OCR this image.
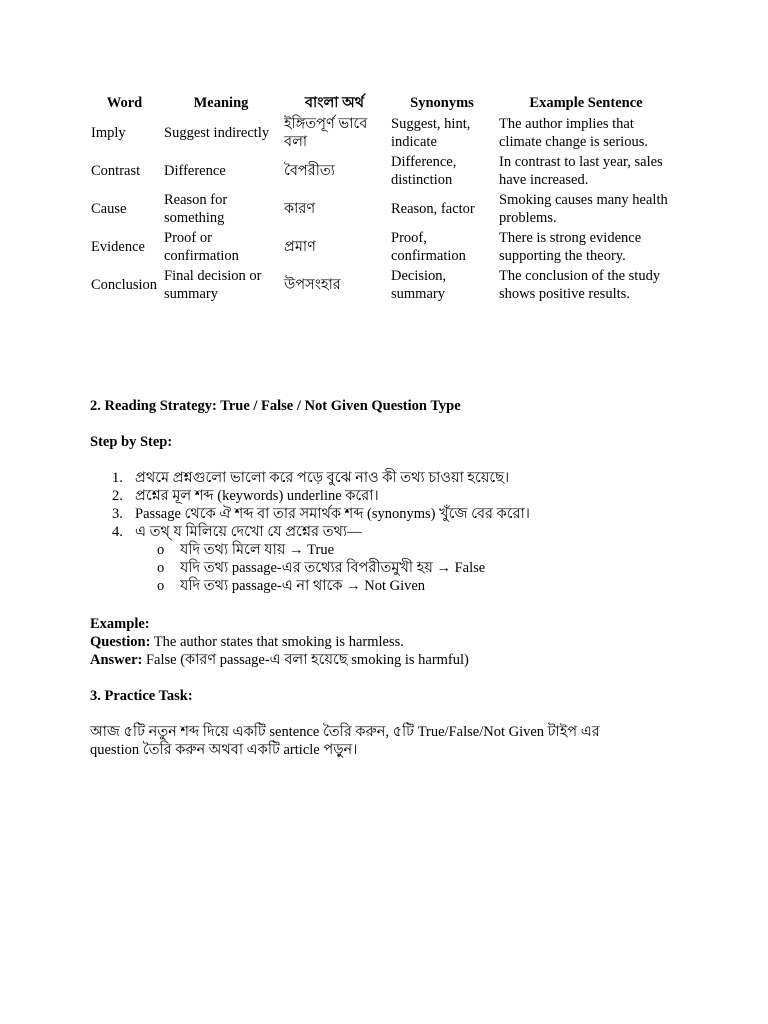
Word	Meaning	বাংলা অর্থ	Synonyms	Example Sentence
Imply	Suggest indirectly	ইঙ্গিতপূর্ণ ভাবে বলা	Suggest, hint, indicate	The author implies that climate change is serious.
Contrast	Difference	বৈপরীত্য	Difference, distinction	In contrast to last year, sales have increased.
Cause	Reason for something	কারণ	Reason, factor	Smoking causes many health problems.
Evidence	Proof or confirmation	প্রমাণ	Proof, confirmation	There is strong evidence supporting the theory.
Conclusion	Final decision or summary	উপসংহার	Decision, summary	The conclusion of the study shows positive results.
2. Reading Strategy: True / False / Not Given Question Type
Step by Step:
1. প্রথমে প্রশ্নগুলো ভালো করে পড়ে বুঝে নাও কী তথ্য চাওয়া হয়েছে।
2. প্রশ্নের মূল শব্দ (keywords) underline করো।
3. Passage থেকে ঐ শব্দ বা তার সমার্থক শব্দ (synonyms) খুঁজে বের করো।
4. এ তথ্ য মিলিয়ে দেখো যে প্রশ্নের তথ্য—
o যদি তথ্য মিলে যায় → True
o যদি তথ্য passage-এর তথ্যের বিপরীতমুখী হয় → False
o যদি তথ্য passage-এ না থাকে → Not Given
Example:
Question: The author states that smoking is harmless.
Answer: False (কারণ passage-এ বলা হয়েছে smoking is harmful)
3. Practice Task:
আজ ৫টি নতুন শব্দ দিয়ে একটি sentence তৈরি করুন, ৫টি True/False/Not Given টাইপ এর question তৈরি করুন অথবা একটি article পড়ুন।
